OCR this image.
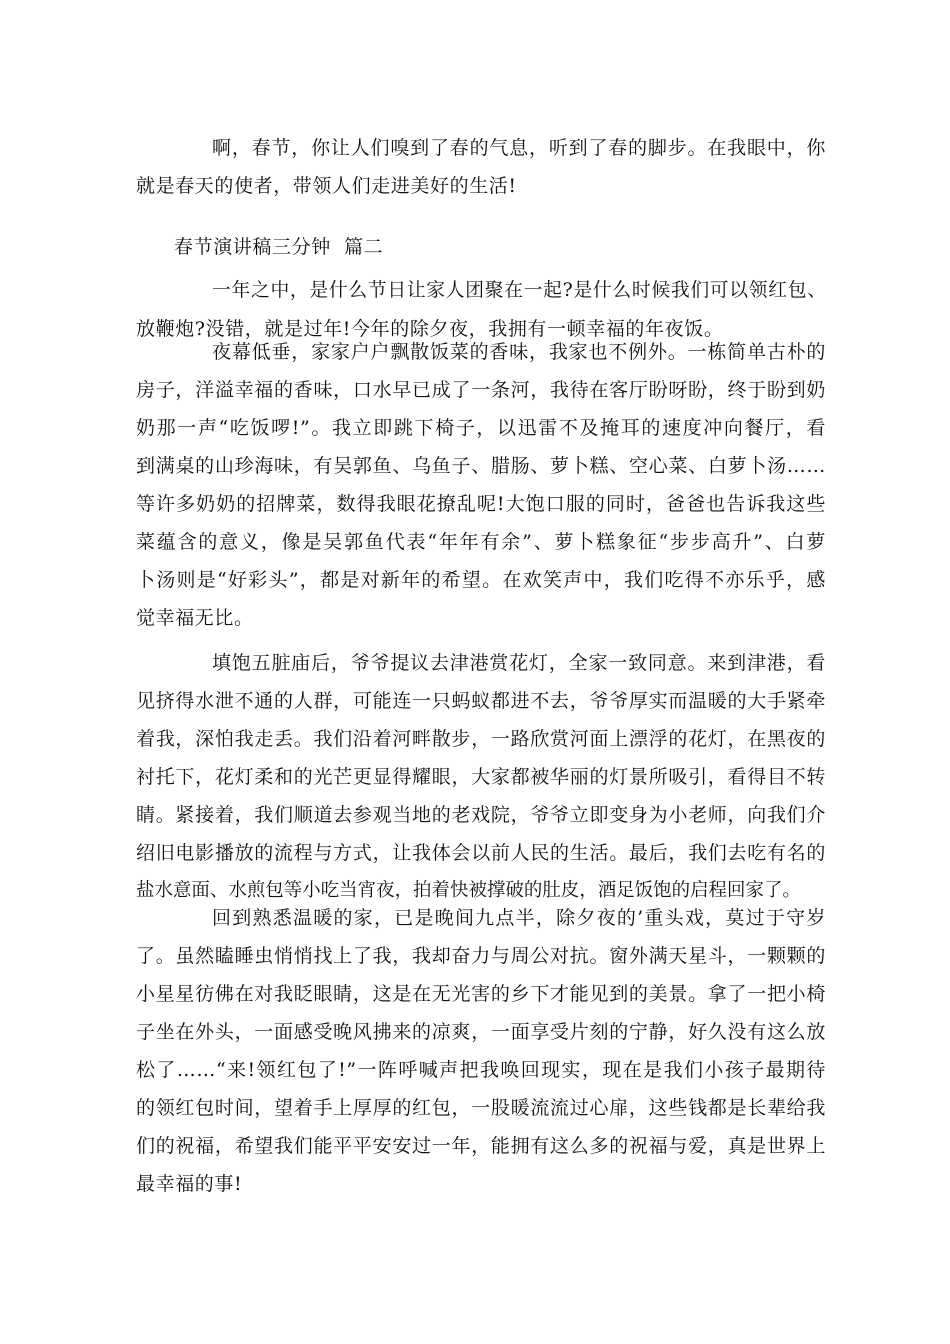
啊，春节，你让人们嗅到了春的气息，听到了春的脚步。在我眼中，你
就是春天的使者，带领人们走进美好的生活!

春节演讲稿三分钟  篇二

一年之中，是什么节日让家人团聚在一起?是什么时候我们可以领红包、
放鞭炮?没错，就是过年!今年的除夕夜，我拥有一顿幸福的年夜饭。
夜幕低垂，家家户户飘散饭菜的香味，我家也不例外。一栋简单古朴的
房子，洋溢幸福的香味，口水早已成了一条河，我待在客厅盼呀盼，终于盼到奶
奶那一声“吃饭啰!”。我立即跳下椅子，以迅雷不及掩耳的速度冲向餐厅，看
到满桌的山珍海味，有吴郭鱼、乌鱼子、腊肠、萝卜糕、空心菜、白萝卜汤……
等许多奶奶的招牌菜，数得我眼花撩乱呢!大饱口服的同时，爸爸也告诉我这些
菜蕴含的意义，像是吴郭鱼代表“年年有余”、萝卜糕象征“步步高升”、白萝
卜汤则是“好彩头”，都是对新年的希望。在欢笑声中，我们吃得不亦乐乎，感
觉幸福无比。
填饱五脏庙后，爷爷提议去津港赏花灯，全家一致同意。来到津港，看
见挤得水泄不通的人群，可能连一只蚂蚁都进不去，爷爷厚实而温暖的大手紧牵
着我，深怕我走丢。我们沿着河畔散步，一路欣赏河面上漂浮的花灯，在黑夜的
衬托下，花灯柔和的光芒更显得耀眼，大家都被华丽的灯景所吸引，看得目不转
睛。紧接着，我们顺道去参观当地的老戏院，爷爷立即变身为小老师，向我们介
绍旧电影播放的流程与方式，让我体会以前人民的生活。最后，我们去吃有名的
盐水意面、水煎包等小吃当宵夜，拍着快被撑破的肚皮，酒足饭饱的启程回家了。
回到熟悉温暖的家，已是晚间九点半，除夕夜的’重头戏，莫过于守岁
了。虽然瞌睡虫悄悄找上了我，我却奋力与周公对抗。窗外满天星斗，一颗颗的
小星星彷佛在对我眨眼睛，这是在无光害的乡下才能见到的美景。拿了一把小椅
子坐在外头，一面感受晚风拂来的凉爽，一面享受片刻的宁静，好久没有这么放
松了……“来!领红包了!”一阵呼喊声把我唤回现实，现在是我们小孩子最期待
的领红包时间，望着手上厚厚的红包，一股暖流流过心扉，这些钱都是长辈给我
们的祝福，希望我们能平平安安过一年，能拥有这么多的祝福与爱，真是世界上
最幸福的事!
